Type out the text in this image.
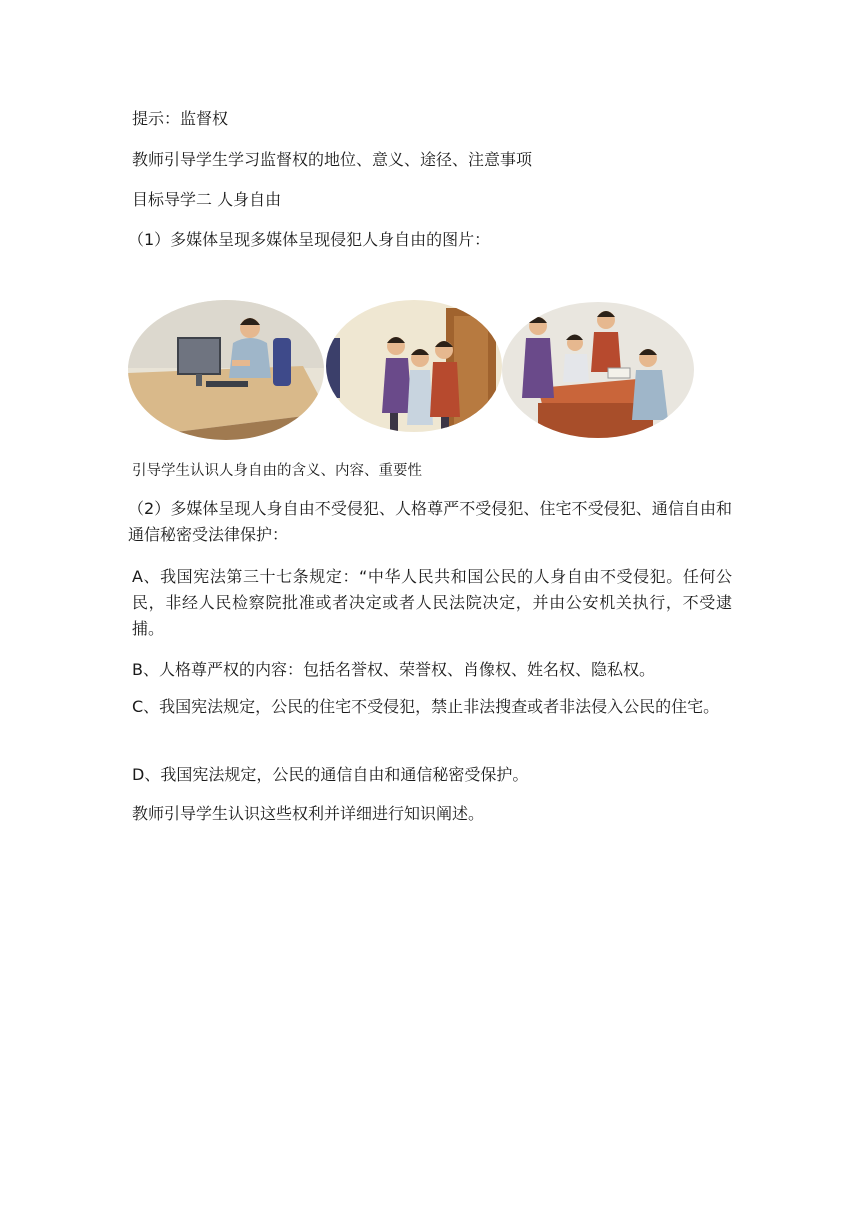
提示：监督权
教师引导学生学习监督权的地位、意义、途径、注意事项
目标导学二 人身自由
（1）多媒体呈现多媒体呈现侵犯人身自由的图片：
引导学生认识人身自由的含义、内容、重要性
（2）多媒体呈现人身自由不受侵犯、人格尊严不受侵犯、住宅不受侵犯、通信自由和通信秘密受法律保护：
A、我国宪法第三十七条规定：“中华人民共和国公民的人身自由不受侵犯。任何公民，非经人民检察院批准或者决定或者人民法院决定，并由公安机关执行，不受逮捕。
B、人格尊严权的内容：包括名誉权、荣誉权、肖像权、姓名权、隐私权。
C、我国宪法规定，公民的住宅不受侵犯，禁止非法搜查或者非法侵入公民的住宅。
D、我国宪法规定，公民的通信自由和通信秘密受保护。
教师引导学生认识这些权利并详细进行知识阐述。
